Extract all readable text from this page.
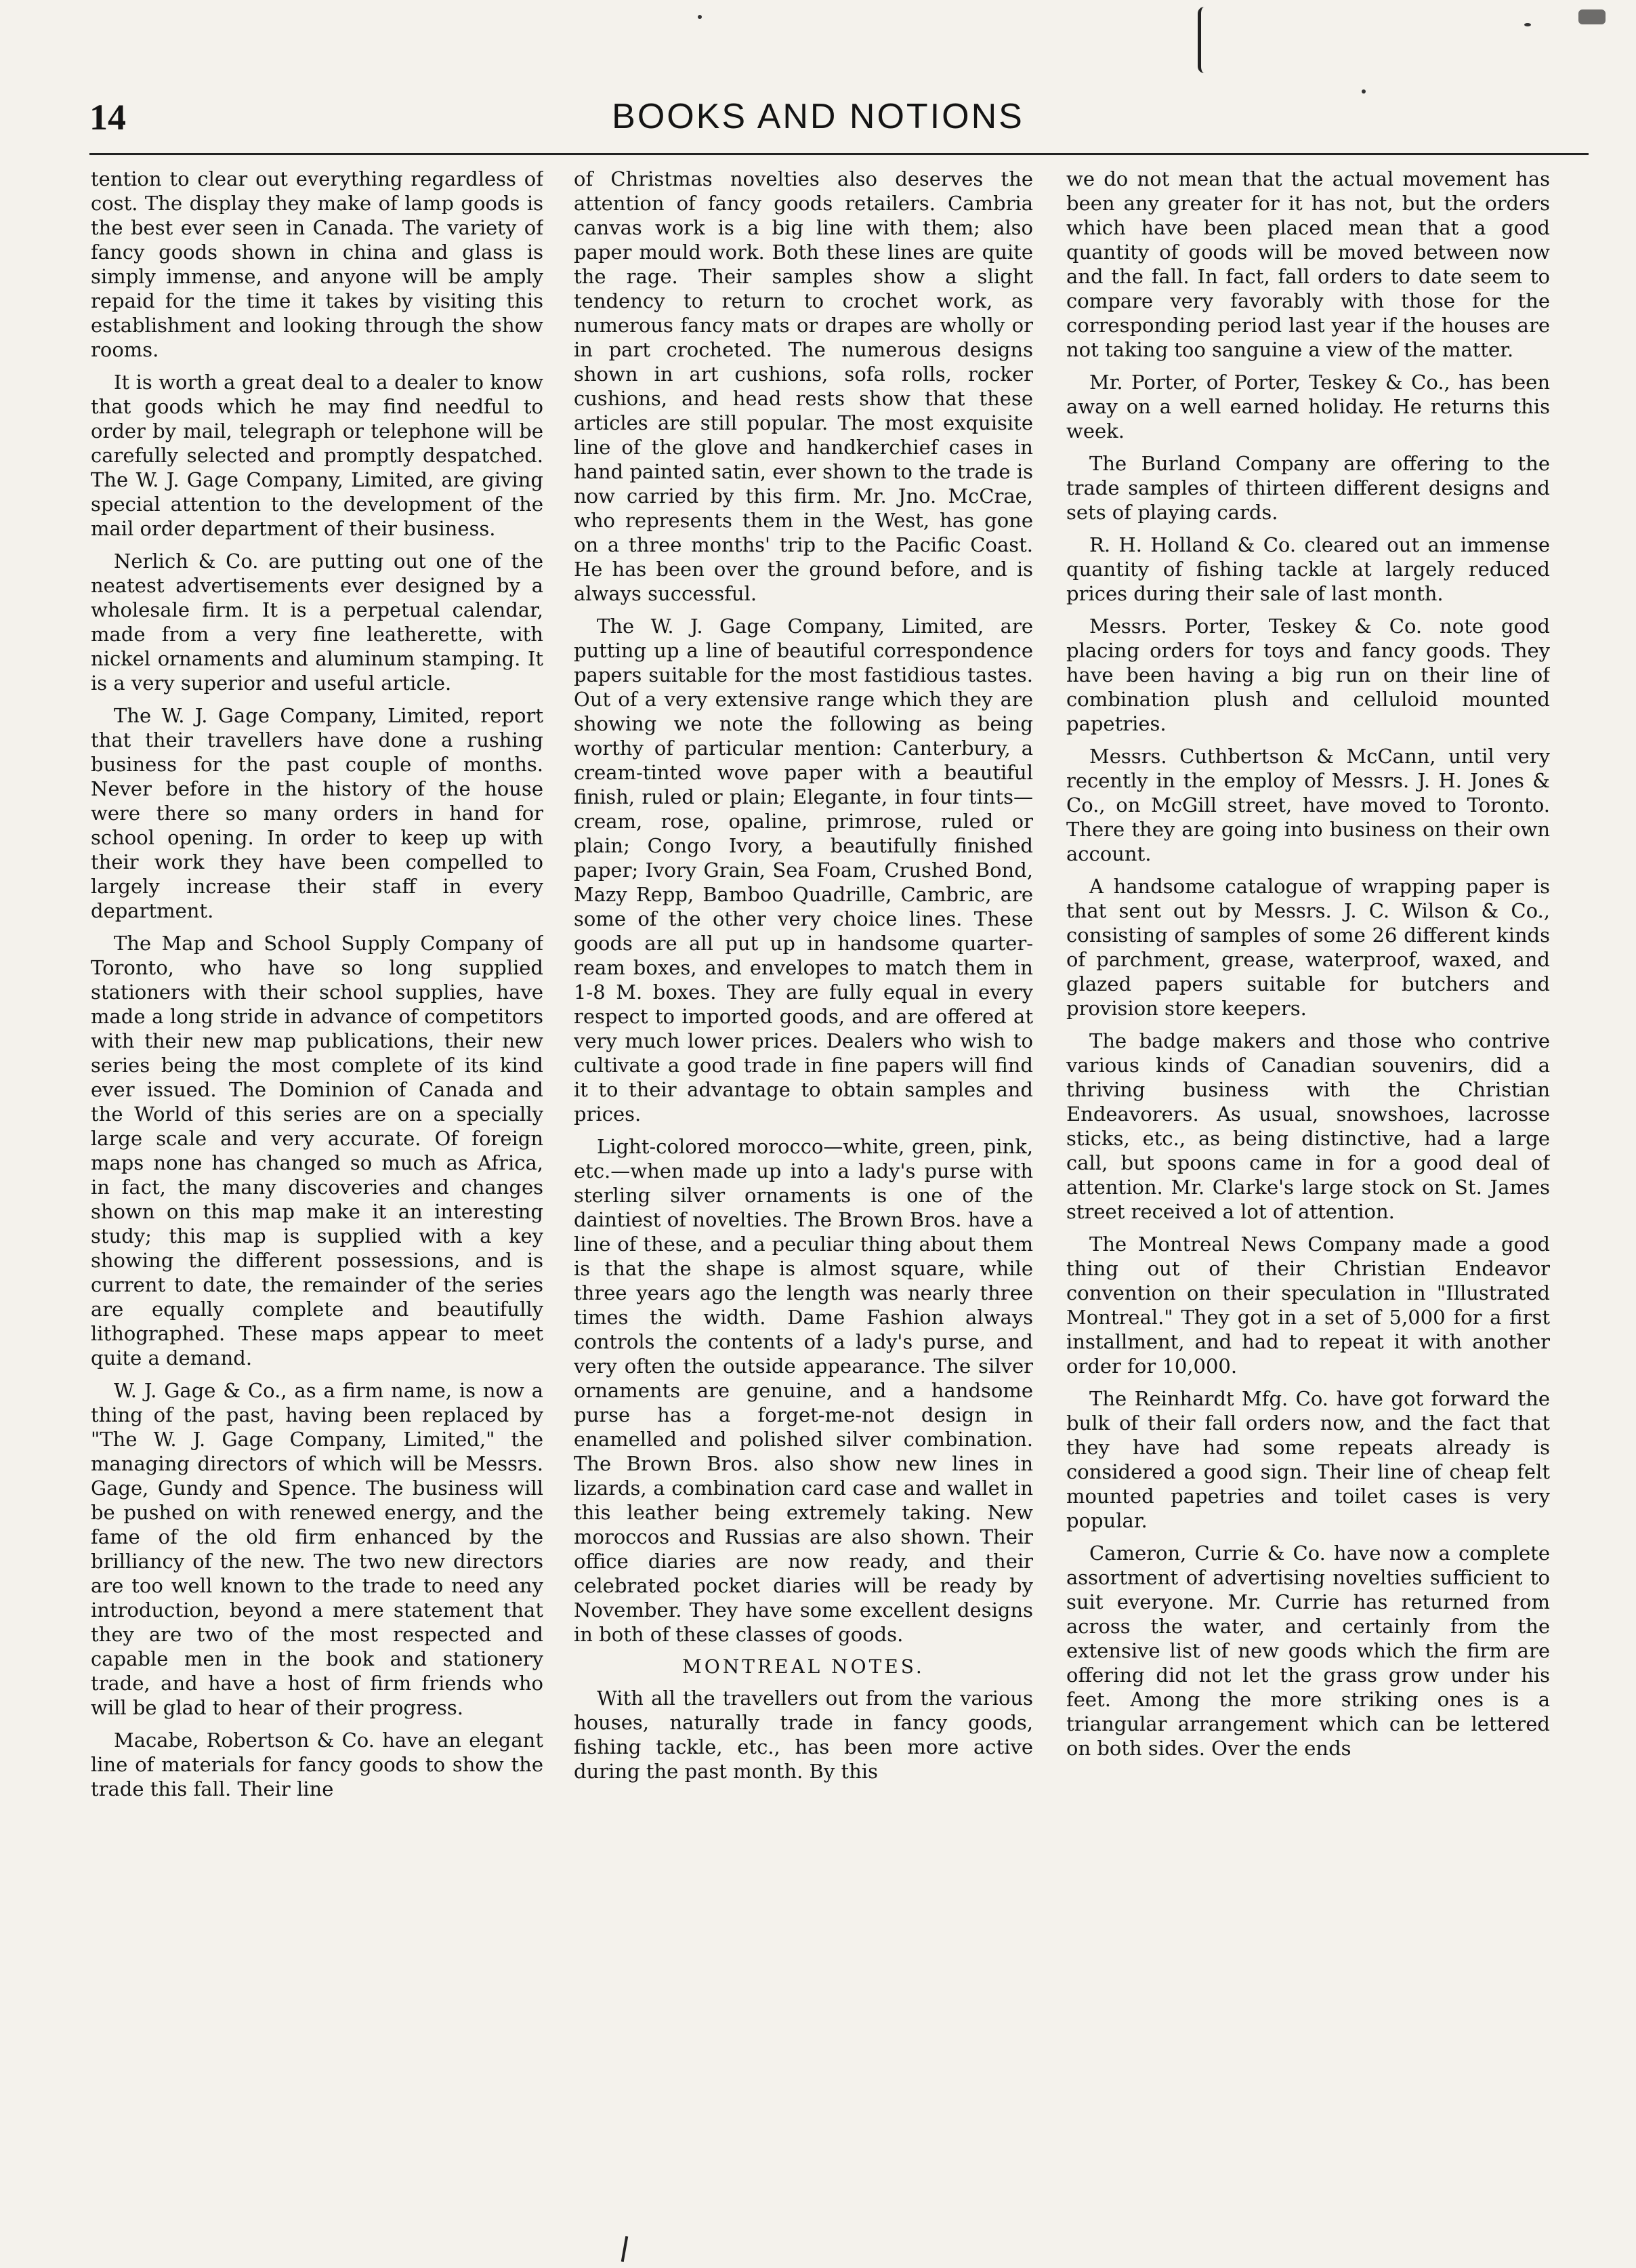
14	BOOKS AND NOTIONS

tention to clear out everything regardless of cost. The display they make of lamp goods is the best ever seen in Canada. The variety of fancy goods shown in china and glass is simply immense, and anyone will be amply repaid for the time it takes by visiting this establishment and looking through the show rooms.

It is worth a great deal to a dealer to know that goods which he may find needful to order by mail, telegraph or telephone will be carefully selected and promptly despatched. The W. J. Gage Company, Limited, are giving special attention to the development of the mail order department of their business.

Nerlich & Co. are putting out one of the neatest advertisements ever designed by a wholesale firm. It is a perpetual calendar, made from a very fine leatherette, with nickel ornaments and aluminum stamping. It is a very superior and useful article.

The W. J. Gage Company, Limited, report that their travellers have done a rushing business for the past couple of months. Never before in the history of the house were there so many orders in hand for school opening. In order to keep up with their work they have been compelled to largely increase their staff in every department.

The Map and School Supply Company of Toronto, who have so long supplied stationers with their school supplies, have made a long stride in advance of competitors with their new map publications, their new series being the most complete of its kind ever issued. The Dominion of Canada and the World of this series are on a specially large scale and very accurate. Of foreign maps none has changed so much as Africa, in fact, the many discoveries and changes shown on this map make it an interesting study; this map is supplied with a key showing the different possessions, and is current to date, the remainder of the series are equally complete and beautifully lithographed. These maps appear to meet quite a demand.

W. J. Gage & Co., as a firm name, is now a thing of the past, having been replaced by "The W. J. Gage Company, Limited," the managing directors of which will be Messrs. Gage, Gundy and Spence. The business will be pushed on with renewed energy, and the fame of the old firm enhanced by the brilliancy of the new. The two new directors are too well known to the trade to need any introduction, beyond a mere statement that they are two of the most respected and capable men in the book and stationery trade, and have a host of firm friends who will be glad to hear of their progress.

Macabe, Robertson & Co. have an elegant line of materials for fancy goods to show the trade this fall. Their line

of Christmas novelties also deserves the attention of fancy goods retailers. Cambria canvas work is a big line with them; also paper mould work. Both these lines are quite the rage. Their samples show a slight tendency to return to crochet work, as numerous fancy mats or drapes are wholly or in part crocheted. The numerous designs shown in art cushions, sofa rolls, rocker cushions, and head rests show that these articles are still popular. The most exquisite line of the glove and handkerchief cases in hand painted satin, ever shown to the trade is now carried by this firm. Mr. Jno. McCrae, who represents them in the West, has gone on a three months' trip to the Pacific Coast. He has been over the ground before, and is always successful.

The W. J. Gage Company, Limited, are putting up a line of beautiful correspondence papers suitable for the most fastidious tastes. Out of a very extensive range which they are showing we note the following as being worthy of particular mention: Canterbury, a cream-tinted wove paper with a beautiful finish, ruled or plain; Elegante, in four tints—cream, rose, opaline, primrose, ruled or plain; Congo Ivory, a beautifully finished paper; Ivory Grain, Sea Foam, Crushed Bond, Mazy Repp, Bamboo Quadrille, Cambric, are some of the other very choice lines. These goods are all put up in handsome quarter-ream boxes, and envelopes to match them in 1-8 M. boxes. They are fully equal in every respect to imported goods, and are offered at very much lower prices. Dealers who wish to cultivate a good trade in fine papers will find it to their advantage to obtain samples and prices.

Light-colored morocco—white, green, pink, etc.—when made up into a lady's purse with sterling silver ornaments is one of the daintiest of novelties. The Brown Bros. have a line of these, and a peculiar thing about them is that the shape is almost square, while three years ago the length was nearly three times the width. Dame Fashion always controls the contents of a lady's purse, and very often the outside appearance. The silver ornaments are genuine, and a handsome purse has a forget-me-not design in enamelled and polished silver combination. The Brown Bros. also show new lines in lizards, a combination card case and wallet in this leather being extremely taking. New moroccos and Russias are also shown. Their office diaries are now ready, and their celebrated pocket diaries will be ready by November. They have some excellent designs in both of these classes of goods.

MONTREAL NOTES.

With all the travellers out from the various houses, naturally trade in fancy goods, fishing tackle, etc., has been more active during the past month. By this

we do not mean that the actual movement has been any greater for it has not, but the orders which have been placed mean that a good quantity of goods will be moved between now and the fall. In fact, fall orders to date seem to compare very favorably with those for the corresponding period last year if the houses are not taking too sanguine a view of the matter.

Mr. Porter, of Porter, Teskey & Co., has been away on a well earned holiday. He returns this week.

The Burland Company are offering to the trade samples of thirteen different designs and sets of playing cards.

R. H. Holland & Co. cleared out an immense quantity of fishing tackle at largely reduced prices during their sale of last month.

Messrs. Porter, Teskey & Co. note good placing orders for toys and fancy goods. They have been having a big run on their line of combination plush and celluloid mounted papetries.

Messrs. Cuthbertson & McCann, until very recently in the employ of Messrs. J. H. Jones & Co., on McGill street, have moved to Toronto. There they are going into business on their own account.

A handsome catalogue of wrapping paper is that sent out by Messrs. J. C. Wilson & Co., consisting of samples of some 26 different kinds of parchment, grease, waterproof, waxed, and glazed papers suitable for butchers and provision store keepers.

The badge makers and those who contrive various kinds of Canadian souvenirs, did a thriving business with the Christian Endeavorers. As usual, snowshoes, lacrosse sticks, etc., as being distinctive, had a large call, but spoons came in for a good deal of attention. Mr. Clarke's large stock on St. James street received a lot of attention.

The Montreal News Company made a good thing out of their Christian Endeavor convention on their speculation in "Illustrated Montreal." They got in a set of 5,000 for a first installment, and had to repeat it with another order for 10,000.

The Reinhardt Mfg. Co. have got forward the bulk of their fall orders now, and the fact that they have had some repeats already is considered a good sign. Their line of cheap felt mounted papetries and toilet cases is very popular.

Cameron, Currie & Co. have now a complete assortment of advertising novelties sufficient to suit everyone. Mr. Currie has returned from across the water, and certainly from the extensive list of new goods which the firm are offering did not let the grass grow under his feet. Among the more striking ones is a triangular arrangement which can be lettered on both sides. Over the ends
